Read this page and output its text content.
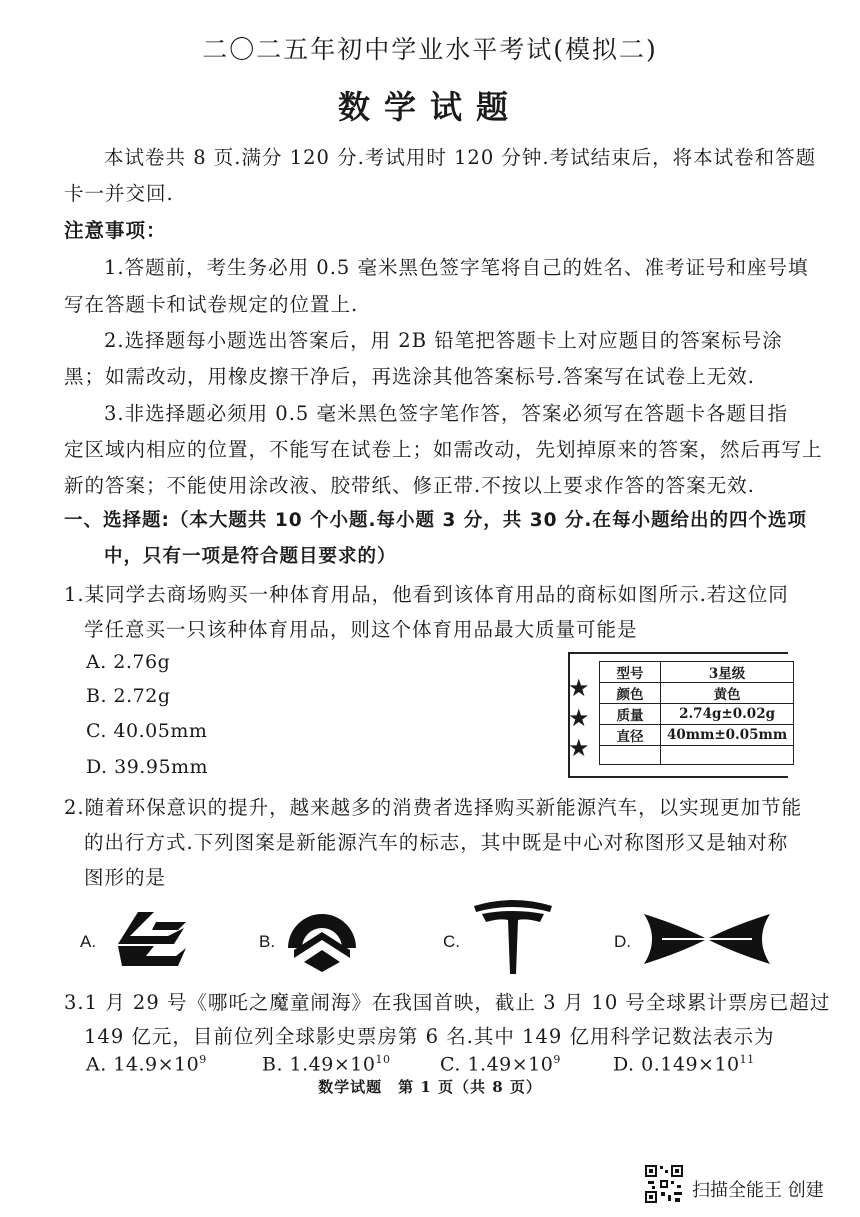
二〇二五年初中学业水平考试(模拟二)
数学试题
本试卷共 8 页.满分 120 分.考试用时 120 分钟.考试结束后，将本试卷和答题
卡一并交回.
注意事项：
1.答题前，考生务必用 0.5 毫米黑色签字笔将自己的姓名、准考证号和座号填
写在答题卡和试卷规定的位置上.
2.选择题每小题选出答案后，用 2B 铅笔把答题卡上对应题目的答案标号涂
黑；如需改动，用橡皮擦干净后，再选涂其他答案标号.答案写在试卷上无效.
3.非选择题必须用 0.5 毫米黑色签字笔作答，答案必须写在答题卡各题目指
定区域内相应的位置，不能写在试卷上；如需改动，先划掉原来的答案，然后再写上
新的答案；不能使用涂改液、胶带纸、修正带.不按以上要求作答的答案无效.
一、选择题:（本大题共 10 个小题.每小题 3 分，共 30 分.在每小题给出的四个选项
中，只有一项是符合题目要求的）
1.某同学去商场购买一种体育用品，他看到该体育用品的商标如图所示.若这位同
学任意买一只该种体育用品，则这个体育用品最大质量可能是
A. 2.76g
B. 2.72g
C. 40.05mm
D. 39.95mm
★
★
★
型号	3星级
颜色	黄色
质量	2.74g±0.02g
直径	40mm±0.05mm

2.随着环保意识的提升，越来越多的消费者选择购买新能源汽车，以实现更加节能
的出行方式.下列图案是新能源汽车的标志，其中既是中心对称图形又是轴对称
图形的是
A.	B.	C.	D.
3.1 月 29 号《哪吒之魔童闹海》在我国首映，截止 3 月 10 号全球累计票房已超过
149 亿元，目前位列全球影史票房第 6 名.其中 149 亿用科学记数法表示为
A. $14.9\times 10^9$	B. $1.49\times 10^{10}$	C. $1.49\times 10^9$	D. $0.149\times 10^{11}$
数学试题　第 1 页（共 8 页）
扫描全能王 创建
